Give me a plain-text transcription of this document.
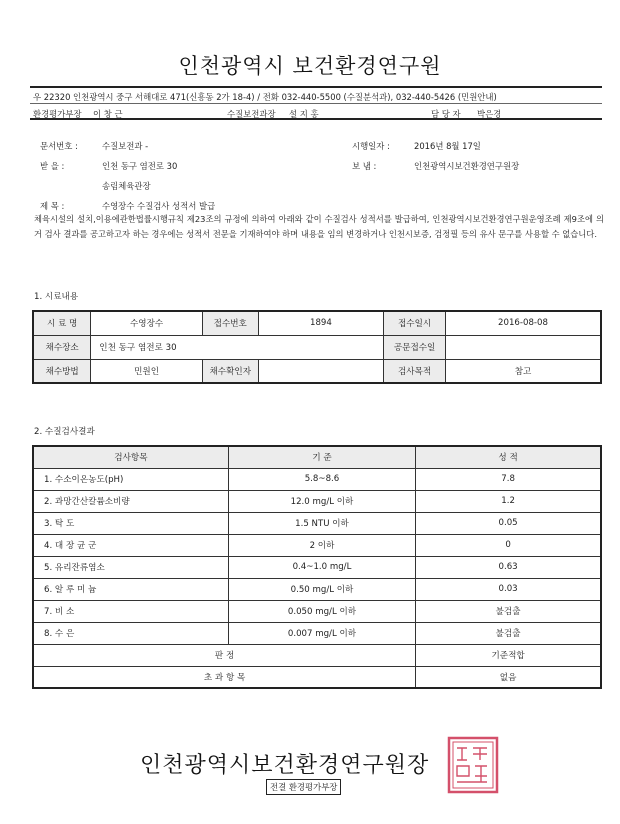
인천광역시 보건환경연구원
우 22320 인천광역시 중구 서해대로 471(신흥동 2가 18-4) / 전화 032-440-5500 (수질분석과), 032-440-5426 (민원안내)
환경평가부장 이 창 근	수질보전과장 설 지 홍	담 당 자 박은경
문서번호 :	수질보전과 -	시행일자 :	2016년 8월 17일
받 을 :	인천 동구 염전로 30	보 냄 :	인천광역시보건환경연구원장
송림체육관장
제 목 :	수영장수 수질검사 성적서 발급
체육시설의 설치,이용에관한법률시행규칙 제23조의 규정에 의하여 아래와 같이 수질검사 성적서를 발급하여, 인천광역시보건환경연구원운영조례 제9조에 의거 검사 결과를 공고하고자 하는 경우에는 성적서 전문을 기재하여야 하며 내용을 임의 변경하거나 인천시보증, 검정필 등의 유사 문구를 사용할 수 없습니다.
1. 시료내용
시 료 명	수영장수	접수번호	1894	접수일시	2016-08-08
채수장소	인천 동구 염전로 30			공문접수일	
채수방법	민원인	채수확인자		검사목적	참고
2. 수질검사결과
검사항목	기 준	성 적
1. 수소이온농도(pH)	5.8~8.6	7.8
2. 과망간산칼륨소비량	12.0 mg/L 이하	1.2
3. 탁 도	1.5 NTU 이하	0.05
4. 대 장 균 군	2 이하	0
5. 유리잔류염소	0.4~1.0 mg/L	0.63
6. 알 루 미 늄	0.50 mg/L 이하	0.03
7. 비 소	0.050 mg/L 이하	불검출
8. 수 은	0.007 mg/L 이하	불검출
판 정		기준적합
초 과 항 목		없음
인천광역시보건환경연구원장
전결 환경평가부장
